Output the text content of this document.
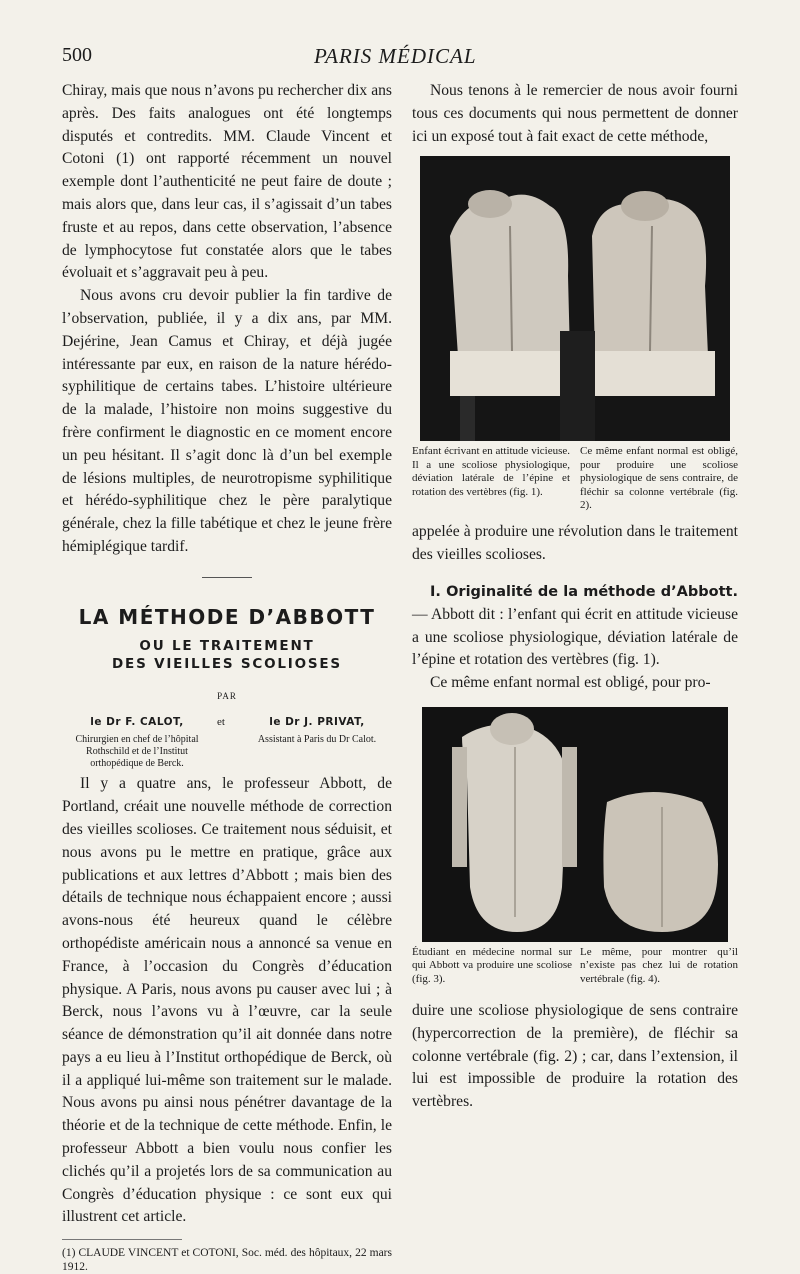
500	PARIS MÉDICAL

Chiray, mais que nous n’avons pu rechercher dix ans après. Des faits analogues ont été longtemps disputés et contredits. MM. Claude Vincent et Cotoni (1) ont rapporté récemment un nouvel exemple dont l’authenticité ne peut faire de doute ; mais alors que, dans leur cas, il s’agissait d’un tabes fruste et au repos, dans cette observation, l’absence de lymphocytose fut constatée alors que le tabes évoluait et s’aggravait peu à peu.

Nous avons cru devoir publier la fin tardive de l’observation, publiée, il y a dix ans, par MM. Dejérine, Jean Camus et Chiray, et déjà jugée intéressante par eux, en raison de la nature hérédo-syphilitique de certains tabes. L’histoire ultérieure de la malade, l’histoire non moins suggestive du frère confirment le diagnostic en ce moment encore un peu hésitant. Il s’agit donc là d’un bel exemple de lésions multiples, de neurotropisme syphilitique et hérédo-syphilitique chez le père paralytique générale, chez la fille tabétique et chez le jeune frère hémiplégique tardif.

LA MÉTHODE D’ABBOTT

OU LE TRAITEMENT

DES VIEILLES SCOLIOSES

PAR
le Dr F. CALOT,
Chirurgien en chef de l’hôpital Rothschild et de l’Institut orthopédique de Berck.
et	le Dr J. PRIVAT,
Assistant à Paris du Dr Calot.

Il y a quatre ans, le professeur Abbott, de Portland, créait une nouvelle méthode de correction des vieilles scolioses. Ce traitement nous séduisit, et nous avons pu le mettre en pratique, grâce aux publications et aux lettres d’Abbott ; mais bien des détails de technique nous échappaient encore ; aussi avons-nous été heureux quand le célèbre orthopédiste américain nous a annoncé sa venue en France, à l’occasion du Congrès d’éducation physique. A Paris, nous avons pu causer avec lui ; à Berck, nous l’avons vu à l’œuvre, car la seule séance de démonstration qu’il ait donnée dans notre pays a eu lieu à l’Institut orthopédique de Berck, où il a appliqué lui-même son traitement sur le malade. Nous avons pu ainsi nous pénétrer davantage de la théorie et de la technique de cette méthode. Enfin, le professeur Abbott a bien voulu nous confier les clichés qu’il a projetés lors de sa communication au Congrès d’éducation physique : ce sont eux qui illustrent cet article.

(1) CLAUDE VINCENT et COTONI, Soc. méd. des hôpitaux, 22 mars 1912.

Nous tenons à le remercier de nous avoir fourni tous ces documents qui nous permettent de donner ici un exposé tout à fait exact de cette méthode,

Enfant écrivant en attitude vicieuse. Il a une scoliose physiologique, déviation latérale de l’épine et rotation des vertèbres (fig. 1).
Ce même enfant normal est obligé, pour produire une scoliose physiologique de sens contraire, de fléchir sa colonne vertébrale (fig. 2).

appelée à produire une révolution dans le traitement des vieilles scolioses.

I. Originalité de la méthode d’Abbott. — Abbott dit : l’enfant qui écrit en attitude vicieuse a une scoliose physiologique, déviation latérale de l’épine et rotation des vertèbres (fig. 1).

Ce même enfant normal est obligé, pour pro-

Étudiant en médecine normal sur qui Abbott va produire une scoliose (fig. 3).
Le même, pour montrer qu’il n’existe pas chez lui de rotation vertébrale (fig. 4).

duire une scoliose physiologique de sens contraire (hypercorrection de la première), de fléchir sa colonne vertébrale (fig. 2) ; car, dans l’extension, il lui est impossible de produire la rotation des vertèbres.
